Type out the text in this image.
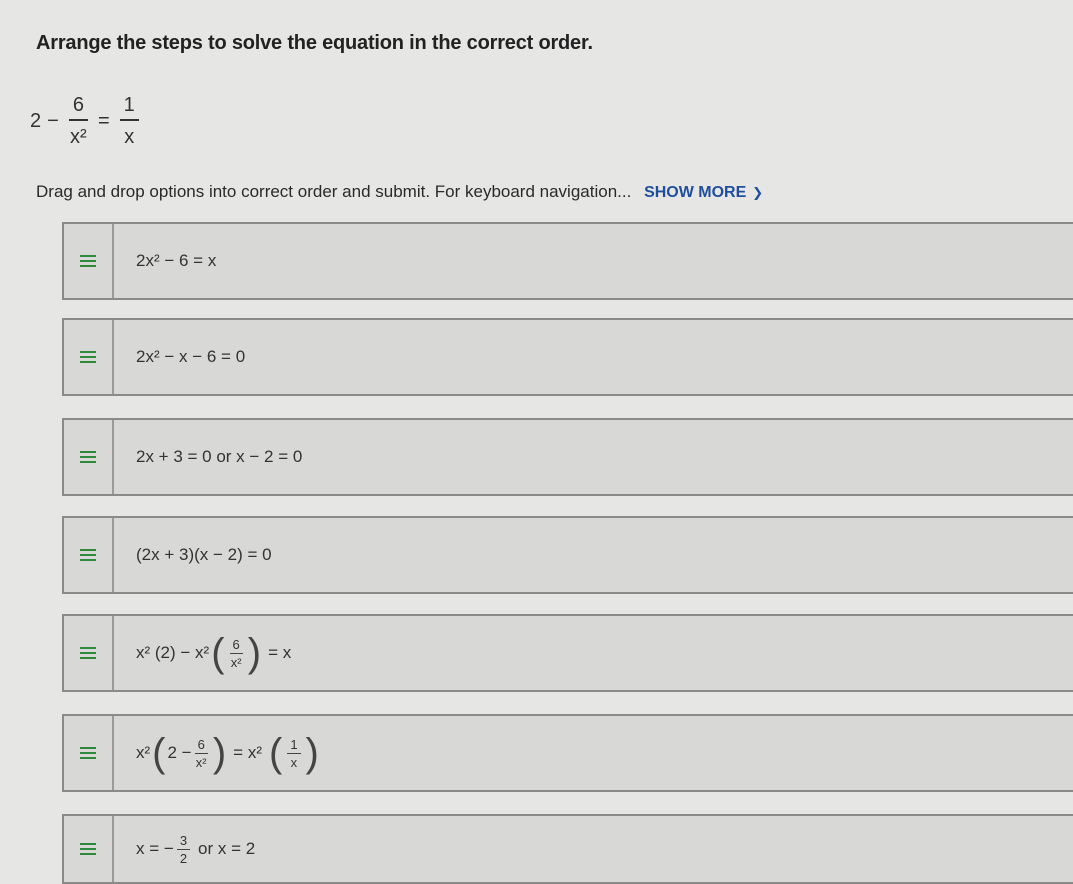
Arrange the steps to solve the equation in the correct order.
$2 - \frac{6}{\text{x²}} = \frac{1}{x}$
Drag and drop options into correct order and submit. For keyboard navigation... SHOW MORE ❯
2x² − 6 = x
2x² − x − 6 = 0
2x + 3 = 0 or x − 2 = 0
(2x + 3)(x − 2) = 0
x² (2) − x² ( $\frac{6}{\text{x²}}$ ) = x
x² ( $2 - \frac{6}{\text{x²}}$ ) = x² ( $\frac{1}{x}$ )
x = − $\frac{3}{2}$ or x = 2
